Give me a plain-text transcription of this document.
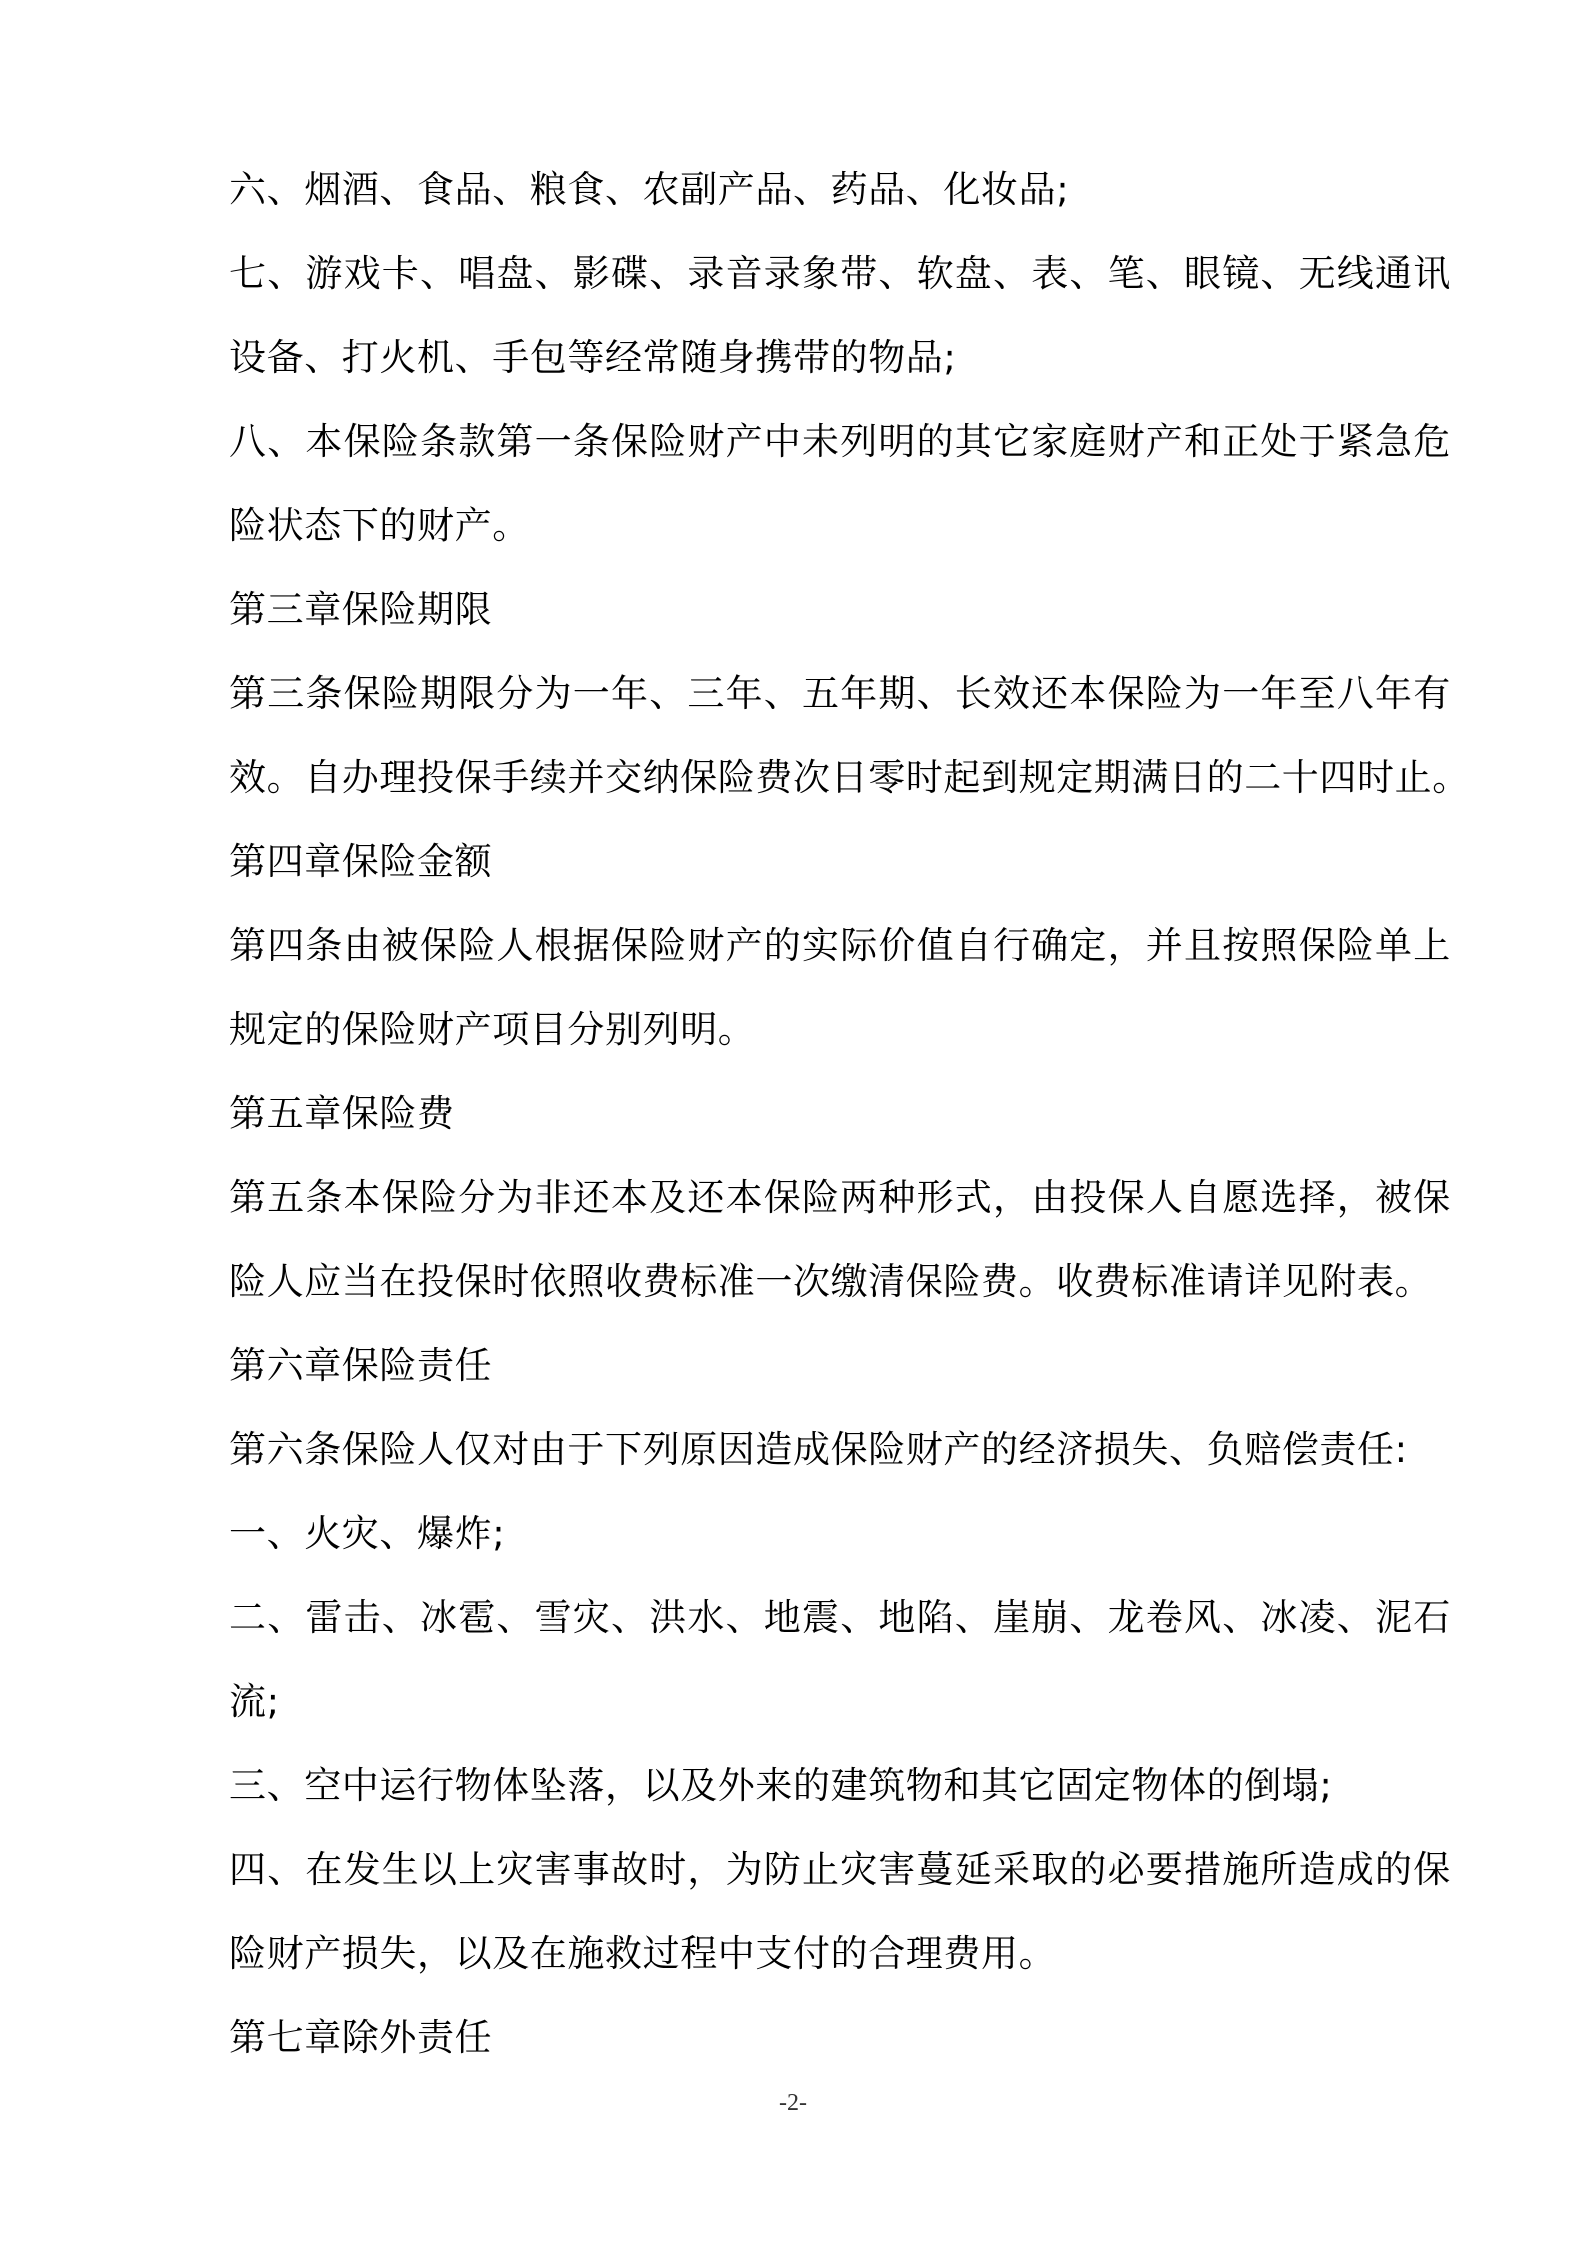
六、烟酒、食品、粮食、农副产品、药品、化妆品;
七、游戏卡、唱盘、影碟、录音录象带、软盘、表、笔、眼镜、无线通讯
设备、打火机、手包等经常随身携带的物品;
八、本保险条款第一条保险财产中未列明的其它家庭财产和正处于紧急危
险状态下的财产。
第三章保险期限
第三条保险期限分为一年、三年、五年期、长效还本保险为一年至八年有
效。自办理投保手续并交纳保险费次日零时起到规定期满日的二十四时止。
第四章保险金额
第四条由被保险人根据保险财产的实际价值自行确定，并且按照保险单上
规定的保险财产项目分别列明。
第五章保险费
第五条本保险分为非还本及还本保险两种形式，由投保人自愿选择，被保
险人应当在投保时依照收费标准一次缴清保险费。收费标准请详见附表。
第六章保险责任
第六条保险人仅对由于下列原因造成保险财产的经济损失、负赔偿责任:
一、火灾、爆炸;
二、雷击、冰雹、雪灾、洪水、地震、地陷、崖崩、龙卷风、冰凌、泥石
流;
三、空中运行物体坠落，以及外来的建筑物和其它固定物体的倒塌;
四、在发生以上灾害事故时，为防止灾害蔓延采取的必要措施所造成的保
险财产损失，以及在施救过程中支付的合理费用。
第七章除外责任
-2-
